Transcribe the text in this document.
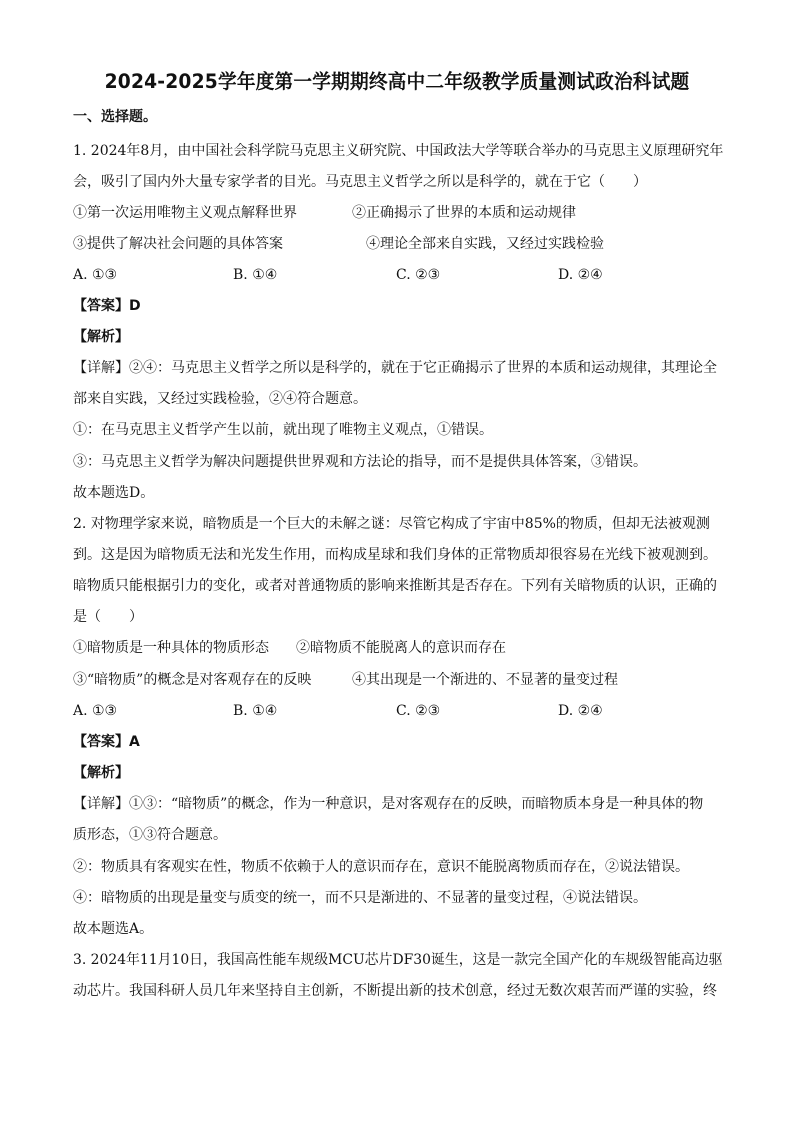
2024-2025学年度第一学期期终高中二年级教学质量测试政治科试题
一、选择题。
1. 2024年8月，由中国社会科学院马克思主义研究院、中国政法大学等联合举办的马克思主义原理研究年
会，吸引了国内外大量专家学者的目光。马克思主义哲学之所以是科学的，就在于它（　　）
①第一次运用唯物主义观点解释世界	②正确揭示了世界的本质和运动规律
③提供了解决社会问题的具体答案	④理论全部来自实践，又经过实践检验
A. ①③	B. ①④	C. ②③	D. ②④
【答案】D
【解析】
【详解】②④：马克思主义哲学之所以是科学的，就在于它正确揭示了世界的本质和运动规律，其理论全
部来自实践，又经过实践检验，②④符合题意。
①：在马克思主义哲学产生以前，就出现了唯物主义观点，①错误。
③：马克思主义哲学为解决问题提供世界观和方法论的指导，而不是提供具体答案，③错误。
故本题选D。
2. 对物理学家来说，暗物质是一个巨大的未解之谜：尽管它构成了宇宙中85%的物质，但却无法被观测
到。这是因为暗物质无法和光发生作用，而构成星球和我们身体的正常物质却很容易在光线下被观测到。
暗物质只能根据引力的变化，或者对普通物质的影响来推断其是否存在。下列有关暗物质的认识，正确的
是（　　）
①暗物质是一种具体的物质形态 ②暗物质不能脱离人的意识而存在
③“暗物质”的概念是对客观存在的反映	④其出现是一个渐进的、不显著的量变过程
A. ①③	B. ①④	C. ②③	D. ②④
【答案】A
【解析】
【详解】①③：“暗物质”的概念，作为一种意识，是对客观存在的反映，而暗物质本身是一种具体的物
质形态，①③符合题意。
②：物质具有客观实在性，物质不依赖于人的意识而存在，意识不能脱离物质而存在，②说法错误。
④：暗物质的出现是量变与质变的统一，而不只是渐进的、不显著的量变过程，④说法错误。
故本题选A。
3. 2024年11月10日，我国高性能车规级MCU芯片DF30诞生，这是一款完全国产化的车规级智能高边驱
动芯片。我国科研人员几年来坚持自主创新，不断提出新的技术创意，经过无数次艰苦而严谨的实验，终
